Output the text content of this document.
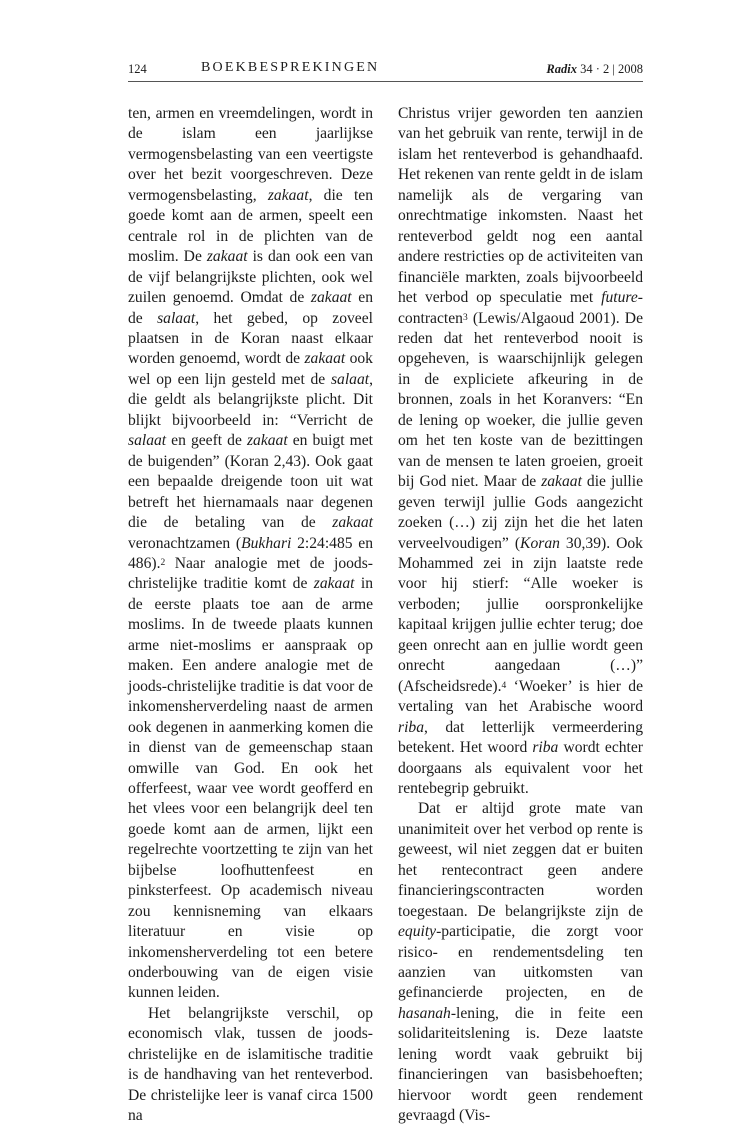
124	BOEKBESPREKINGEN	Radix 34 · 2 | 2008

ten, armen en vreemdelingen, wordt in de islam een jaarlijkse vermogensbelasting van een veertigste over het bezit voorgeschreven. Deze vermogensbelasting, zakaat, die ten goede komt aan de armen, speelt een centrale rol in de plichten van de moslim. De zakaat is dan ook een van de vijf belangrijkste plichten, ook wel zuilen genoemd. Omdat de zakaat en de salaat, het gebed, op zoveel plaatsen in de Koran naast elkaar worden genoemd, wordt de zakaat ook wel op een lijn gesteld met de salaat, die geldt als belangrijkste plicht. Dit blijkt bijvoorbeeld in: “Verricht de salaat en geeft de zakaat en buigt met de buigenden” (Koran 2,43). Ook gaat een bepaalde dreigende toon uit wat betreft het hiernamaals naar degenen die de betaling van de zakaat veronachtzamen (Bukhari 2:24:485 en 486).$^2$ Naar analogie met de joods-christelijke traditie komt de zakaat in de eerste plaats toe aan de arme moslims. In de tweede plaats kunnen arme niet-moslims er aanspraak op maken. Een andere analogie met de joods-christelijke traditie is dat voor de inkomensherverdeling naast de armen ook degenen in aanmerking komen die in dienst van de gemeenschap staan omwille van God. En ook het offerfeest, waar vee wordt geofferd en het vlees voor een belangrijk deel ten goede komt aan de armen, lijkt een regelrechte voortzetting te zijn van het bijbelse loofhuttenfeest en pinksterfeest. Op academisch niveau zou kennisneming van elkaars literatuur en visie op inkomensherverdeling tot een betere onderbouwing van de eigen visie kunnen leiden.

Het belangrijkste verschil, op economisch vlak, tussen de joods-christelijke en de islamitische traditie is de handhaving van het renteverbod. De christelijke leer is vanaf circa 1500 na

Christus vrijer geworden ten aanzien van het gebruik van rente, terwijl in de islam het renteverbod is gehandhaafd. Het rekenen van rente geldt in de islam namelijk als de vergaring van onrechtmatige inkomsten. Naast het renteverbod geldt nog een aantal andere restricties op de activiteiten van financiële markten, zoals bijvoorbeeld het verbod op speculatie met future-contracten$^3$ (Lewis/Algaoud 2001). De reden dat het renteverbod nooit is opgeheven, is waarschijnlijk gelegen in de expliciete afkeuring in de bronnen, zoals in het Koranvers: “En de lening op woeker, die jullie geven om het ten koste van de bezittingen van de mensen te laten groeien, groeit bij God niet. Maar de zakaat die jullie geven terwijl jullie Gods aangezicht zoeken (…) zij zijn het die het laten verveelvoudigen” (Koran 30,39). Ook Mohammed zei in zijn laatste rede voor hij stierf: “Alle woeker is verboden; jullie oorspronkelijke kapitaal krijgen jullie echter terug; doe geen onrecht aan en jullie wordt geen onrecht aangedaan (…)” (Afscheidsrede).$^4$ ‘Woeker’ is hier de vertaling van het Arabische woord riba, dat letterlijk vermeerdering betekent. Het woord riba wordt echter doorgaans als equivalent voor het rentebegrip gebruikt.

Dat er altijd grote mate van unanimiteit over het verbod op rente is geweest, wil niet zeggen dat er buiten het rentecontract geen andere financieringscontracten worden toegestaan. De belangrijkste zijn de equity-participatie, die zorgt voor risico- en rendementsdeling ten aanzien van uitkomsten van gefinancierde projecten, en de hasanah-lening, die in feite een solidariteitslening is. Deze laatste lening wordt vaak gebruikt bij financieringen van basisbehoeften; hiervoor wordt geen rendement gevraagd (Vis-
